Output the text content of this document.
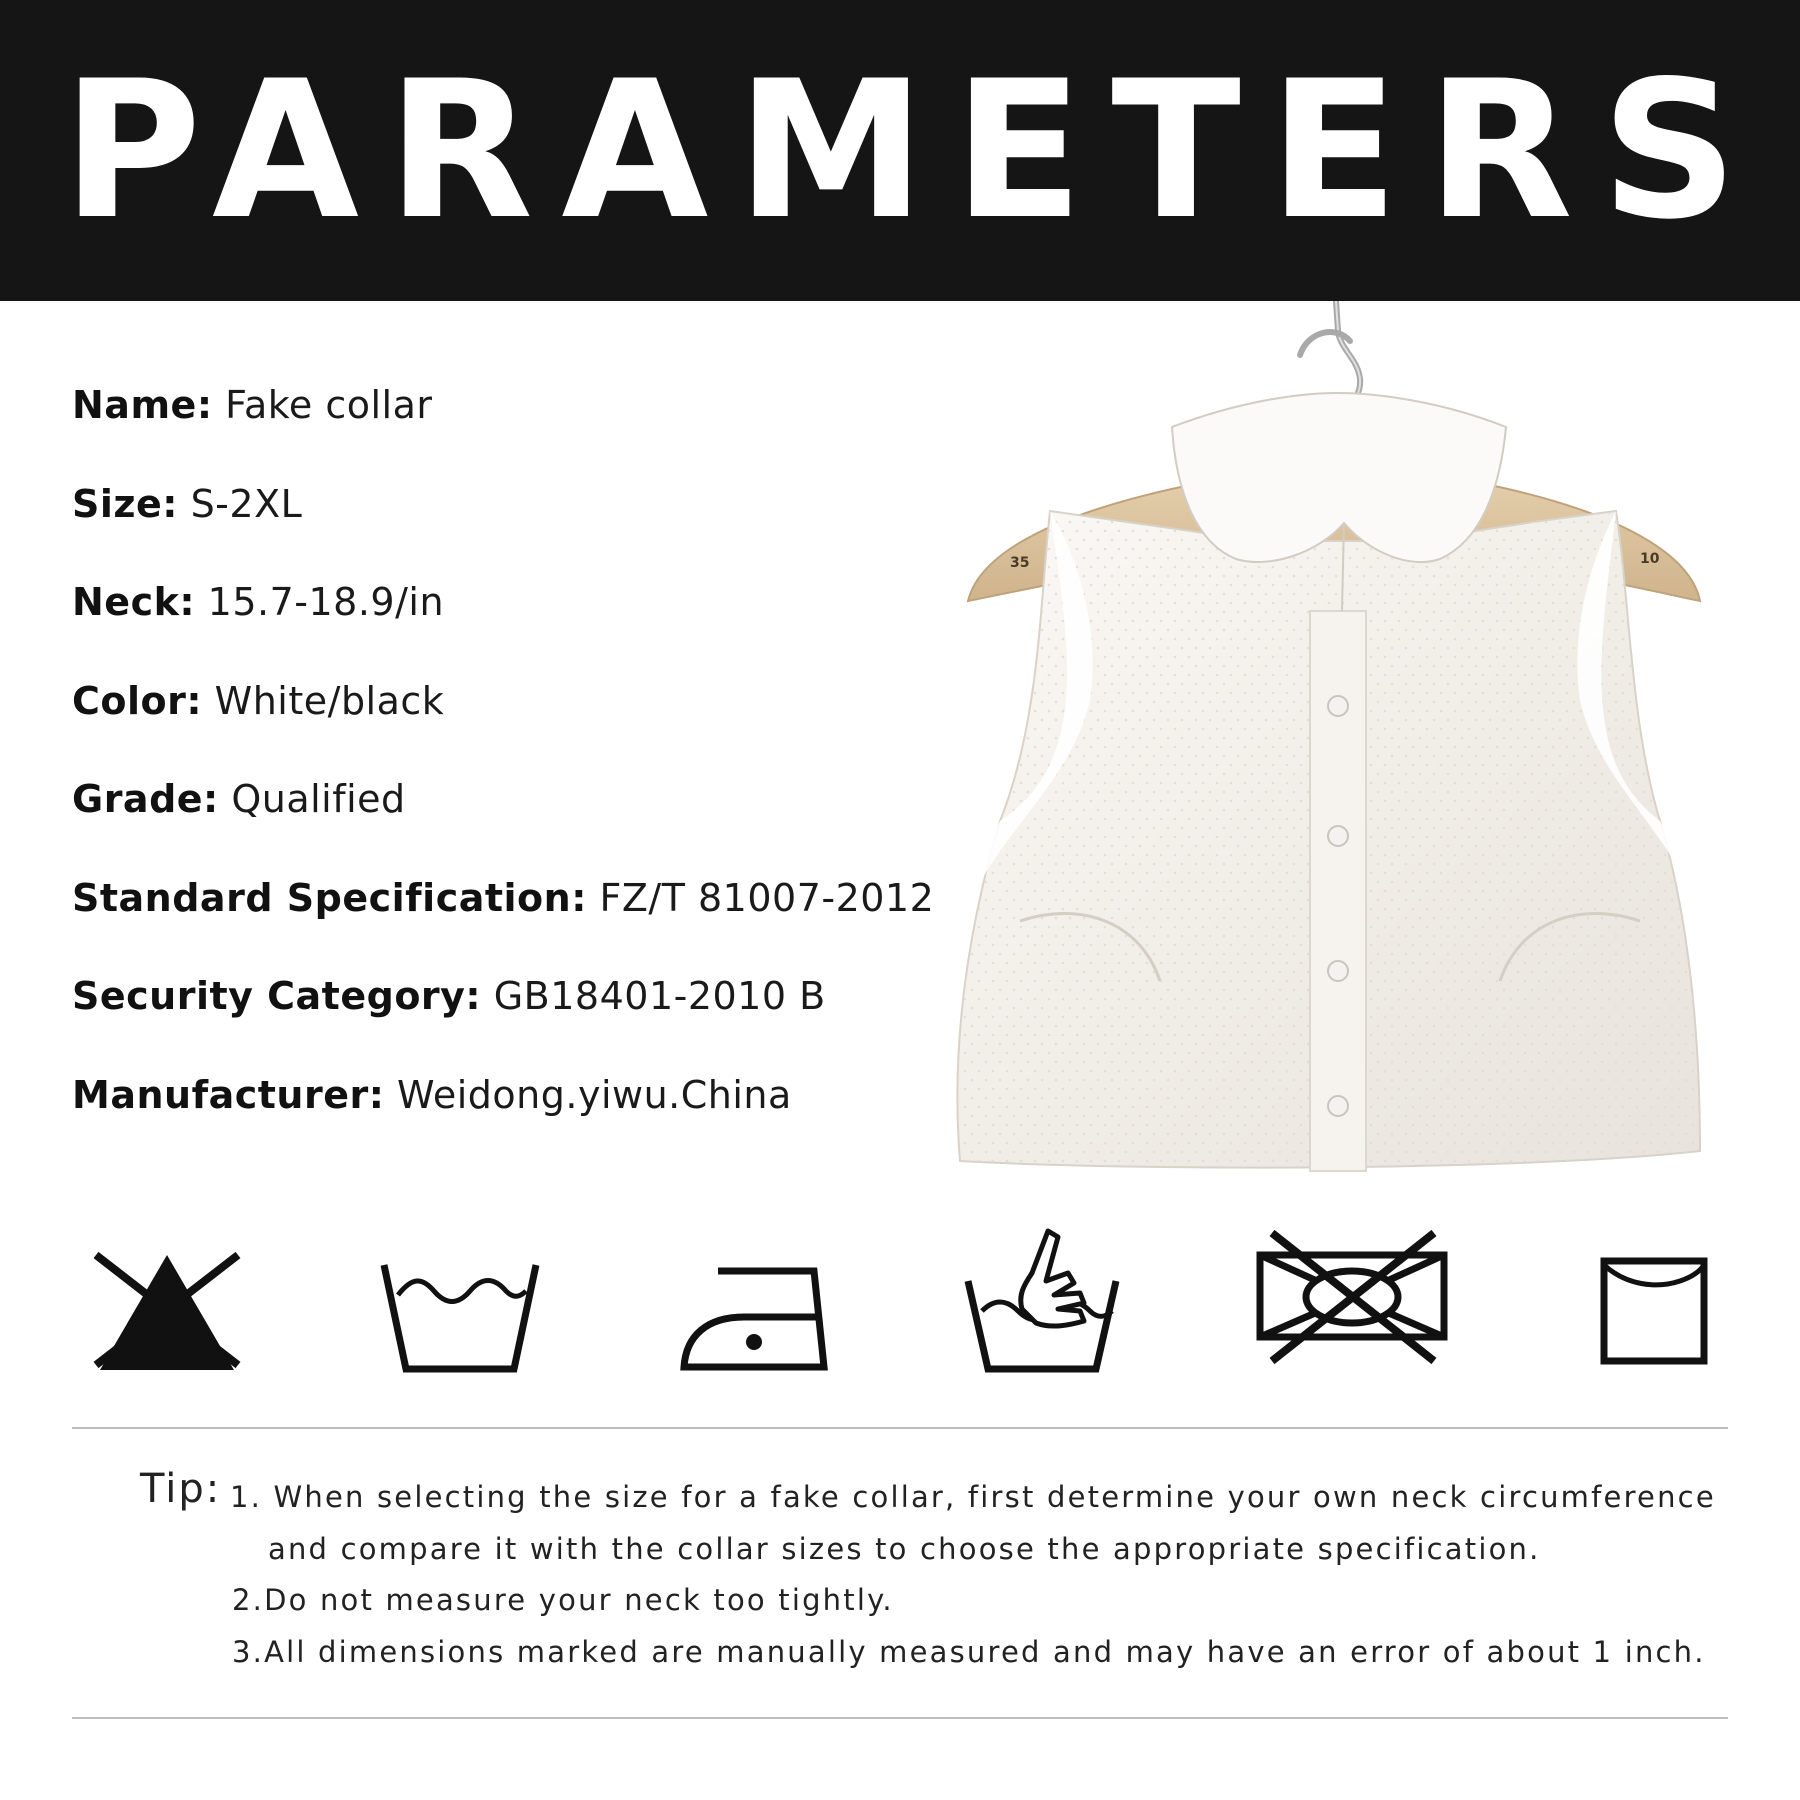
PARAMETERS
Name: Fake collar
Size: S-2XL
Neck: 15.7-18.9/in
Color: White/black
Grade: Qualified
Standard Specification: FZ/T 81007-2012
Security Category: GB18401-2010 B
Manufacturer: Weidong.yiwu.China
35	10
Tip: 1. When selecting the size for a fake collar, first determine your own neck circumference
and compare it with the collar sizes to choose the appropriate specification.
2.Do not measure your neck too tightly.
3.All dimensions marked are manually measured and may have an error of about 1 inch.
